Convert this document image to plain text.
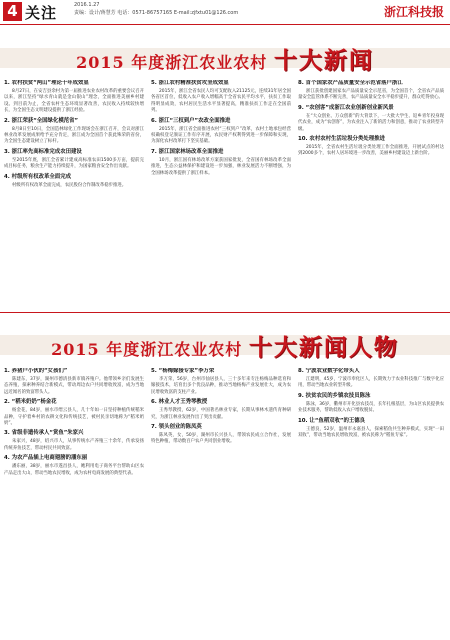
4 关注	2016.1.27
责编：设计/蒋慧芳 电话：0571-86757165 E-mail:zjfxtu01@126.com	浙江科技报
2015 年度浙江农业农村 十大新闻
1. 农村扶贫“两山”理论十年成效显

8月27日，在安吉县余村为第一届推进农业农村改革的重要会议召开以来，浙江坚持“绿水青山就是金山银山”理念，全面推进美丽乡村建设。到目前为止，全省农村生态环境显著改善，农民收入持续较快增长，为全国生态文明建设提供了浙江经验。

2. 浙江荣获“全国绿化模范省”

8月8日至10日，全国造林绿化工作现场会在浙江召开，会议对浙江林业改革发展成果给予充分肯定，浙江成为全国首个获此殊荣的省份，为全国生态建设树立了标杆。

3. 浙江率先高标准完成农田建设

至2015年底，浙江全省累计建成高标准农田1500多万亩，提前完成目标任务，粮食生产能力持续提升，为国家粮食安全作出贡献。

4. 村级所有权改革全面完成

村级所有权改革全面完成，农民股份合作制改革稳步推进。

5. 浙江农村精准扶贫攻坚成效显

2015年，浙江全省农民人均可支配收入21125元，连续31年居全国各省区首位，低收入农户收入增幅高于全省农民平均水平，扶贫工作取得明显成效，农村居民生活水平显著提高，精准扶贫工作走在全国前列。

6. 浙江“三权到户”农改全面推进

2015年，浙江省全面推进农村“三权到户”改革，农村土地承包经营权确权登记颁证工作有序开展，农民财产权利得到进一步保障和实现，为深化农村改革打下坚实基础。

7. 浙江国家林场改革全面推进

10月，浙江国有林场改革方案获国家批复，全省国有林场改革全面推进，生态公益林保护和建设进一步加强，林业发展活力不断增强，为全国林场改革提供了浙江样本。

8. 首个国家农产品质量安全示范省落户浙江

浙江获批创建国家农产品质量安全示范省，为全国首个，全省农产品质量安全监管体系不断完善，农产品质量安全水平稳步提升，群众吃得放心。

9. “农创客”成浙江农业创新创业新风景

在“大众创业、万众创新”的大背景下，一大批大学生、返乡青年投身现代农业，成为“农创客”，为农业注入了新的活力和创意，推动了农业转型升级。

10. 农村农村生活垃圾分类处理推进

2015年，全省农村生活垃圾分类处理工作全面推进，开展试点的村达到2000多个，农村人居环境进一步改善，美丽乡村建设迈上新台阶。

2015 年度浙江农业农村 十大新闻人物
1. 养猪户小伙的“女孩们”

陈建东，37岁，湖州市德清县新市镇养殖户。他带领乡亲们发展生态养殖，探索种养结合新模式，带动周边农户共同增收致富，成为当地远近闻名的致富带头人。

2. “稻米奶奶”杨金花

杨金花，84岁，丽水市缙云县人，几十年如一日坚持种植传统稻米品种，守护着乡村的农耕文化和传统技艺，被村民亲切地称为“稻米奶奶”。

3. 省级非遗传承人“赏鱼”朱家兴

朱家兴，48岁，绍兴市人，从事传统水产养殖三十余年，传承发扬传统养鱼技艺，带动村民共同致富。

4. 为农产品插上电商翅膀的潘东丽

潘东丽，38岁，丽水市遂昌县人，她利用电子商务平台帮助山区农产品走出大山，带动当地农民增收，成为农村电商发展的典型代表。

5. “杨梅嫁接专家”李万荣

李万荣，56岁，台州市仙居县人，三十多年来专注杨梅品种选育和嫁接技术，培育出多个优良品种，推动当地杨梅产业发展壮大，成为农民增收致富的支柱产业。

6. 林业人才王秀琴教授

王秀琴教授，62岁，中国著名林业专家，长期从事林木遗传育种研究，为浙江林业发展作出了突出贡献。

7. 领头创业的陈凤英

陈凤英，女，50岁，湖州市长兴县人，带领农民成立合作社，发展特色种植，带动数百户农户共同创业增收。

8. 宁波农业数字化带头人

江建明，45岁，宁波市奉化区人，长期致力于农业科技推广与数字化应用，带动当地农业转型升级。

9. 扶贫农民的乡镇农技员陈泳

陈泳，36岁，衢州市开化县农技员，长年扎根基层，为山区农民提供农业技术服务，帮助低收入农户增收脱贫。

10. 让“鱼稻双收”的王德良

王德良，52岁，温州市永嘉县人，探索稻鱼共生种养模式，实现“一田双收”，带动当地农民增收致富，被农民称为“稻鱼专家”。
